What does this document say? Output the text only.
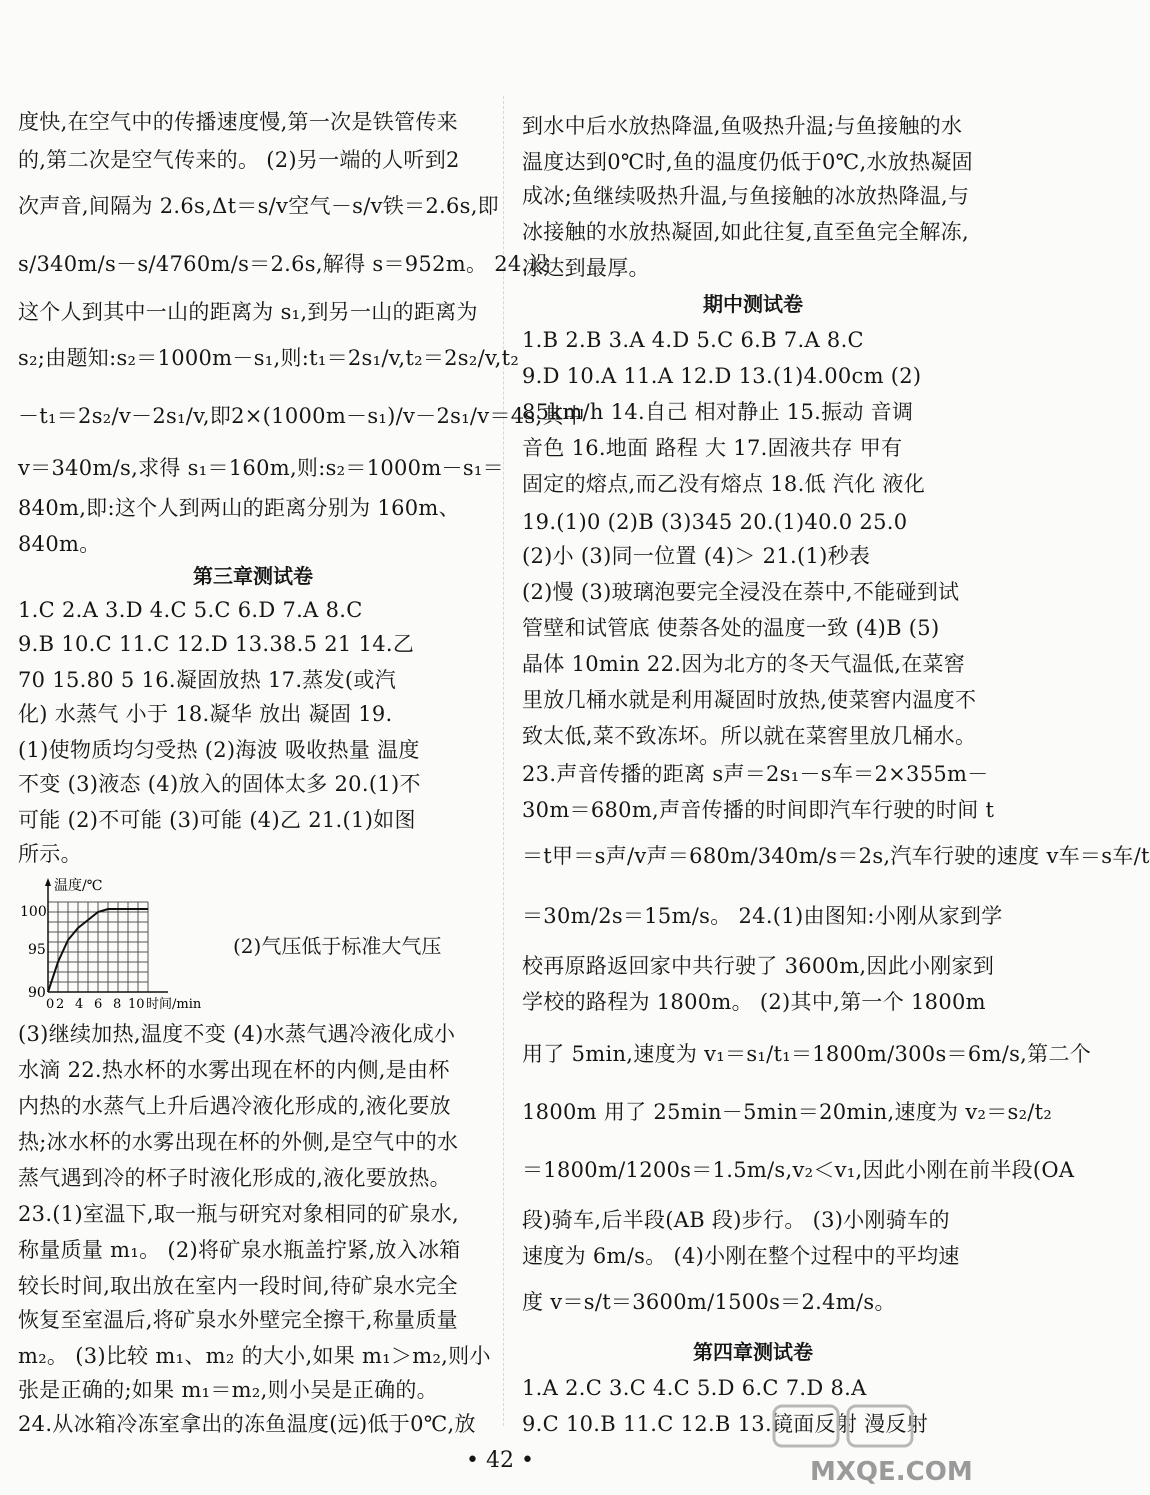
度快,在空气中的传播速度慢,第一次是铁管传来
的,第二次是空气传来的。 (2)另一端的人听到2
次声音,间隔为 2.6s,Δt＝s/v空气－s/v铁＝2.6s,即
s/340m/s－s/4760m/s＝2.6s,解得 s＝952m。 24.设
这个人到其中一山的距离为 s₁,到另一山的距离为
s₂;由题知:s₂＝1000m－s₁,则:t₁＝2s₁/v,t₂＝2s₂/v,t₂
－t₁＝2s₂/v－2s₁/v,即2×(1000m－s₁)/v－2s₁/v＝4s,其中
v＝340m/s,求得 s₁＝160m,则:s₂＝1000m－s₁＝
840m,即:这个人到两山的距离分别为 160m、
840m。
第三章测试卷
1.C 2.A 3.D 4.C 5.C 6.D 7.A 8.C
9.B 10.C 11.C 12.D 13.38.5 21 14.乙
70 15.80 5 16.凝固放热 17.蒸发(或汽
化) 水蒸气 小于 18.凝华 放出 凝固 19.
(1)使物质均匀受热 (2)海波 吸收热量 温度
不变 (3)液态 (4)放入的固体太多 20.(1)不
可能 (2)不可能 (3)可能 (4)乙 21.(1)如图
所示。
温度/℃
100
95
90
0 2 4 6 8 10 时间/min
(2)气压低于标准大气压
(3)继续加热,温度不变 (4)水蒸气遇冷液化成小
水滴 22.热水杯的水雾出现在杯的内侧,是由杯
内热的水蒸气上升后遇冷液化形成的,液化要放
热;冰水杯的水雾出现在杯的外侧,是空气中的水
蒸气遇到冷的杯子时液化形成的,液化要放热。
23.(1)室温下,取一瓶与研究对象相同的矿泉水,
称量质量 m₁。 (2)将矿泉水瓶盖拧紧,放入冰箱
较长时间,取出放在室内一段时间,待矿泉水完全
恢复至室温后,将矿泉水外壁完全擦干,称量质量
m₂。 (3)比较 m₁、m₂ 的大小,如果 m₁＞m₂,则小
张是正确的;如果 m₁＝m₂,则小吴是正确的。
24.从冰箱冷冻室拿出的冻鱼温度(远)低于0℃,放
到水中后水放热降温,鱼吸热升温;与鱼接触的水
温度达到0℃时,鱼的温度仍低于0℃,水放热凝固
成冰;鱼继续吸热升温,与鱼接触的冰放热降温,与
冰接触的水放热凝固,如此往复,直至鱼完全解冻,
冰达到最厚。
期中测试卷
1.B 2.B 3.A 4.D 5.C 6.B 7.A 8.C
9.D 10.A 11.A 12.D 13.(1)4.00cm (2)
85km/h 14.自己 相对静止 15.振动 音调
音色 16.地面 路程 大 17.固液共存 甲有
固定的熔点,而乙没有熔点 18.低 汽化 液化
19.(1)0 (2)B (3)345 20.(1)40.0 25.0
(2)小 (3)同一位置 (4)＞ 21.(1)秒表
(2)慢 (3)玻璃泡要完全浸没在萘中,不能碰到试
管壁和试管底 使萘各处的温度一致 (4)B (5)
晶体 10min 22.因为北方的冬天气温低,在菜窖
里放几桶水就是利用凝固时放热,使菜窖内温度不
致太低,菜不致冻坏。所以就在菜窖里放几桶水。
23.声音传播的距离 s声＝2s₁－s车＝2×355m－
30m＝680m,声音传播的时间即汽车行驶的时间 t
＝t甲＝s声/v声＝680m/340m/s＝2s,汽车行驶的速度 v车＝s车/t
＝30m/2s＝15m/s。 24.(1)由图知:小刚从家到学
校再原路返回家中共行驶了 3600m,因此小刚家到
学校的路程为 1800m。 (2)其中,第一个 1800m
用了 5min,速度为 v₁＝s₁/t₁＝1800m/300s＝6m/s,第二个
1800m 用了 25min－5min＝20min,速度为 v₂＝s₂/t₂
＝1800m/1200s＝1.5m/s,v₂＜v₁,因此小刚在前半段(OA
段)骑车,后半段(AB 段)步行。 (3)小刚骑车的
速度为 6m/s。 (4)小刚在整个过程中的平均速
度 v＝s/t＝3600m/1500s＝2.4m/s。
第四章测试卷
1.A 2.C 3.C 4.C 5.D 6.C 7.D 8.A
9.C 10.B 11.C 12.B 13.镜面反射 漫反射
• 42 •	MXQE.COM
